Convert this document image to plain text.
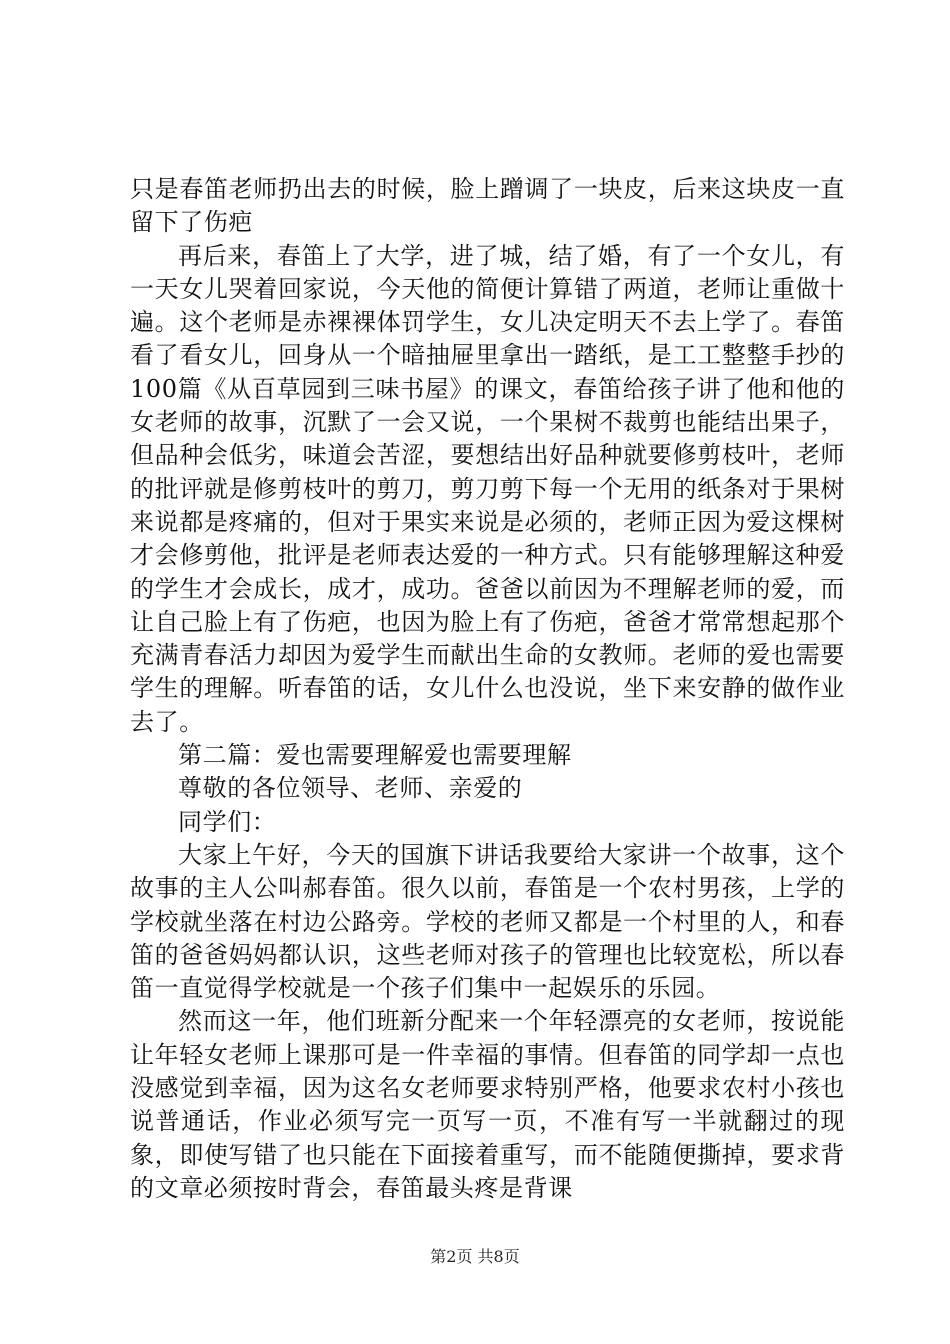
只是春笛老师扔出去的时候，脸上蹭调了一块皮，后来这块皮一直留下了伤疤

再后来，春笛上了大学，进了城，结了婚，有了一个女儿，有一天女儿哭着回家说，今天他的简便计算错了两道，老师让重做十遍。这个老师是赤裸裸体罚学生，女儿决定明天不去上学了。春笛看了看女儿，回身从一个暗抽屉里拿出一踏纸，是工工整整手抄的100篇《从百草园到三味书屋》的课文，春笛给孩子讲了他和他的女老师的故事，沉默了一会又说，一个果树不裁剪也能结出果子，但品种会低劣，味道会苦涩，要想结出好品种就要修剪枝叶，老师的批评就是修剪枝叶的剪刀，剪刀剪下每一个无用的纸条对于果树来说都是疼痛的，但对于果实来说是必须的，老师正因为爱这棵树才会修剪他，批评是老师表达爱的一种方式。只有能够理解这种爱的学生才会成长，成才，成功。爸爸以前因为不理解老师的爱，而让自己脸上有了伤疤，也因为脸上有了伤疤，爸爸才常常想起那个充满青春活力却因为爱学生而献出生命的女教师。老师的爱也需要学生的理解。听春笛的话，女儿什么也没说，坐下来安静的做作业去了。

第二篇：爱也需要理解爱也需要理解

尊敬的各位领导、老师、亲爱的

同学们：

大家上午好，今天的国旗下讲话我要给大家讲一个故事，这个故事的主人公叫郝春笛。很久以前，春笛是一个农村男孩，上学的学校就坐落在村边公路旁。学校的老师又都是一个村里的人，和春笛的爸爸妈妈都认识，这些老师对孩子的管理也比较宽松，所以春笛一直觉得学校就是一个孩子们集中一起娱乐的乐园。

然而这一年，他们班新分配来一个年轻漂亮的女老师，按说能让年轻女老师上课那可是一件幸福的事情。但春笛的同学却一点也没感觉到幸福，因为这名女老师要求特别严格，他要求农村小孩也说普通话，作业必须写完一页写一页，不准有写一半就翻过的现象，即使写错了也只能在下面接着重写，而不能随便撕掉，要求背的文章必须按时背会，春笛最头疼是背课

第2页 共8页
